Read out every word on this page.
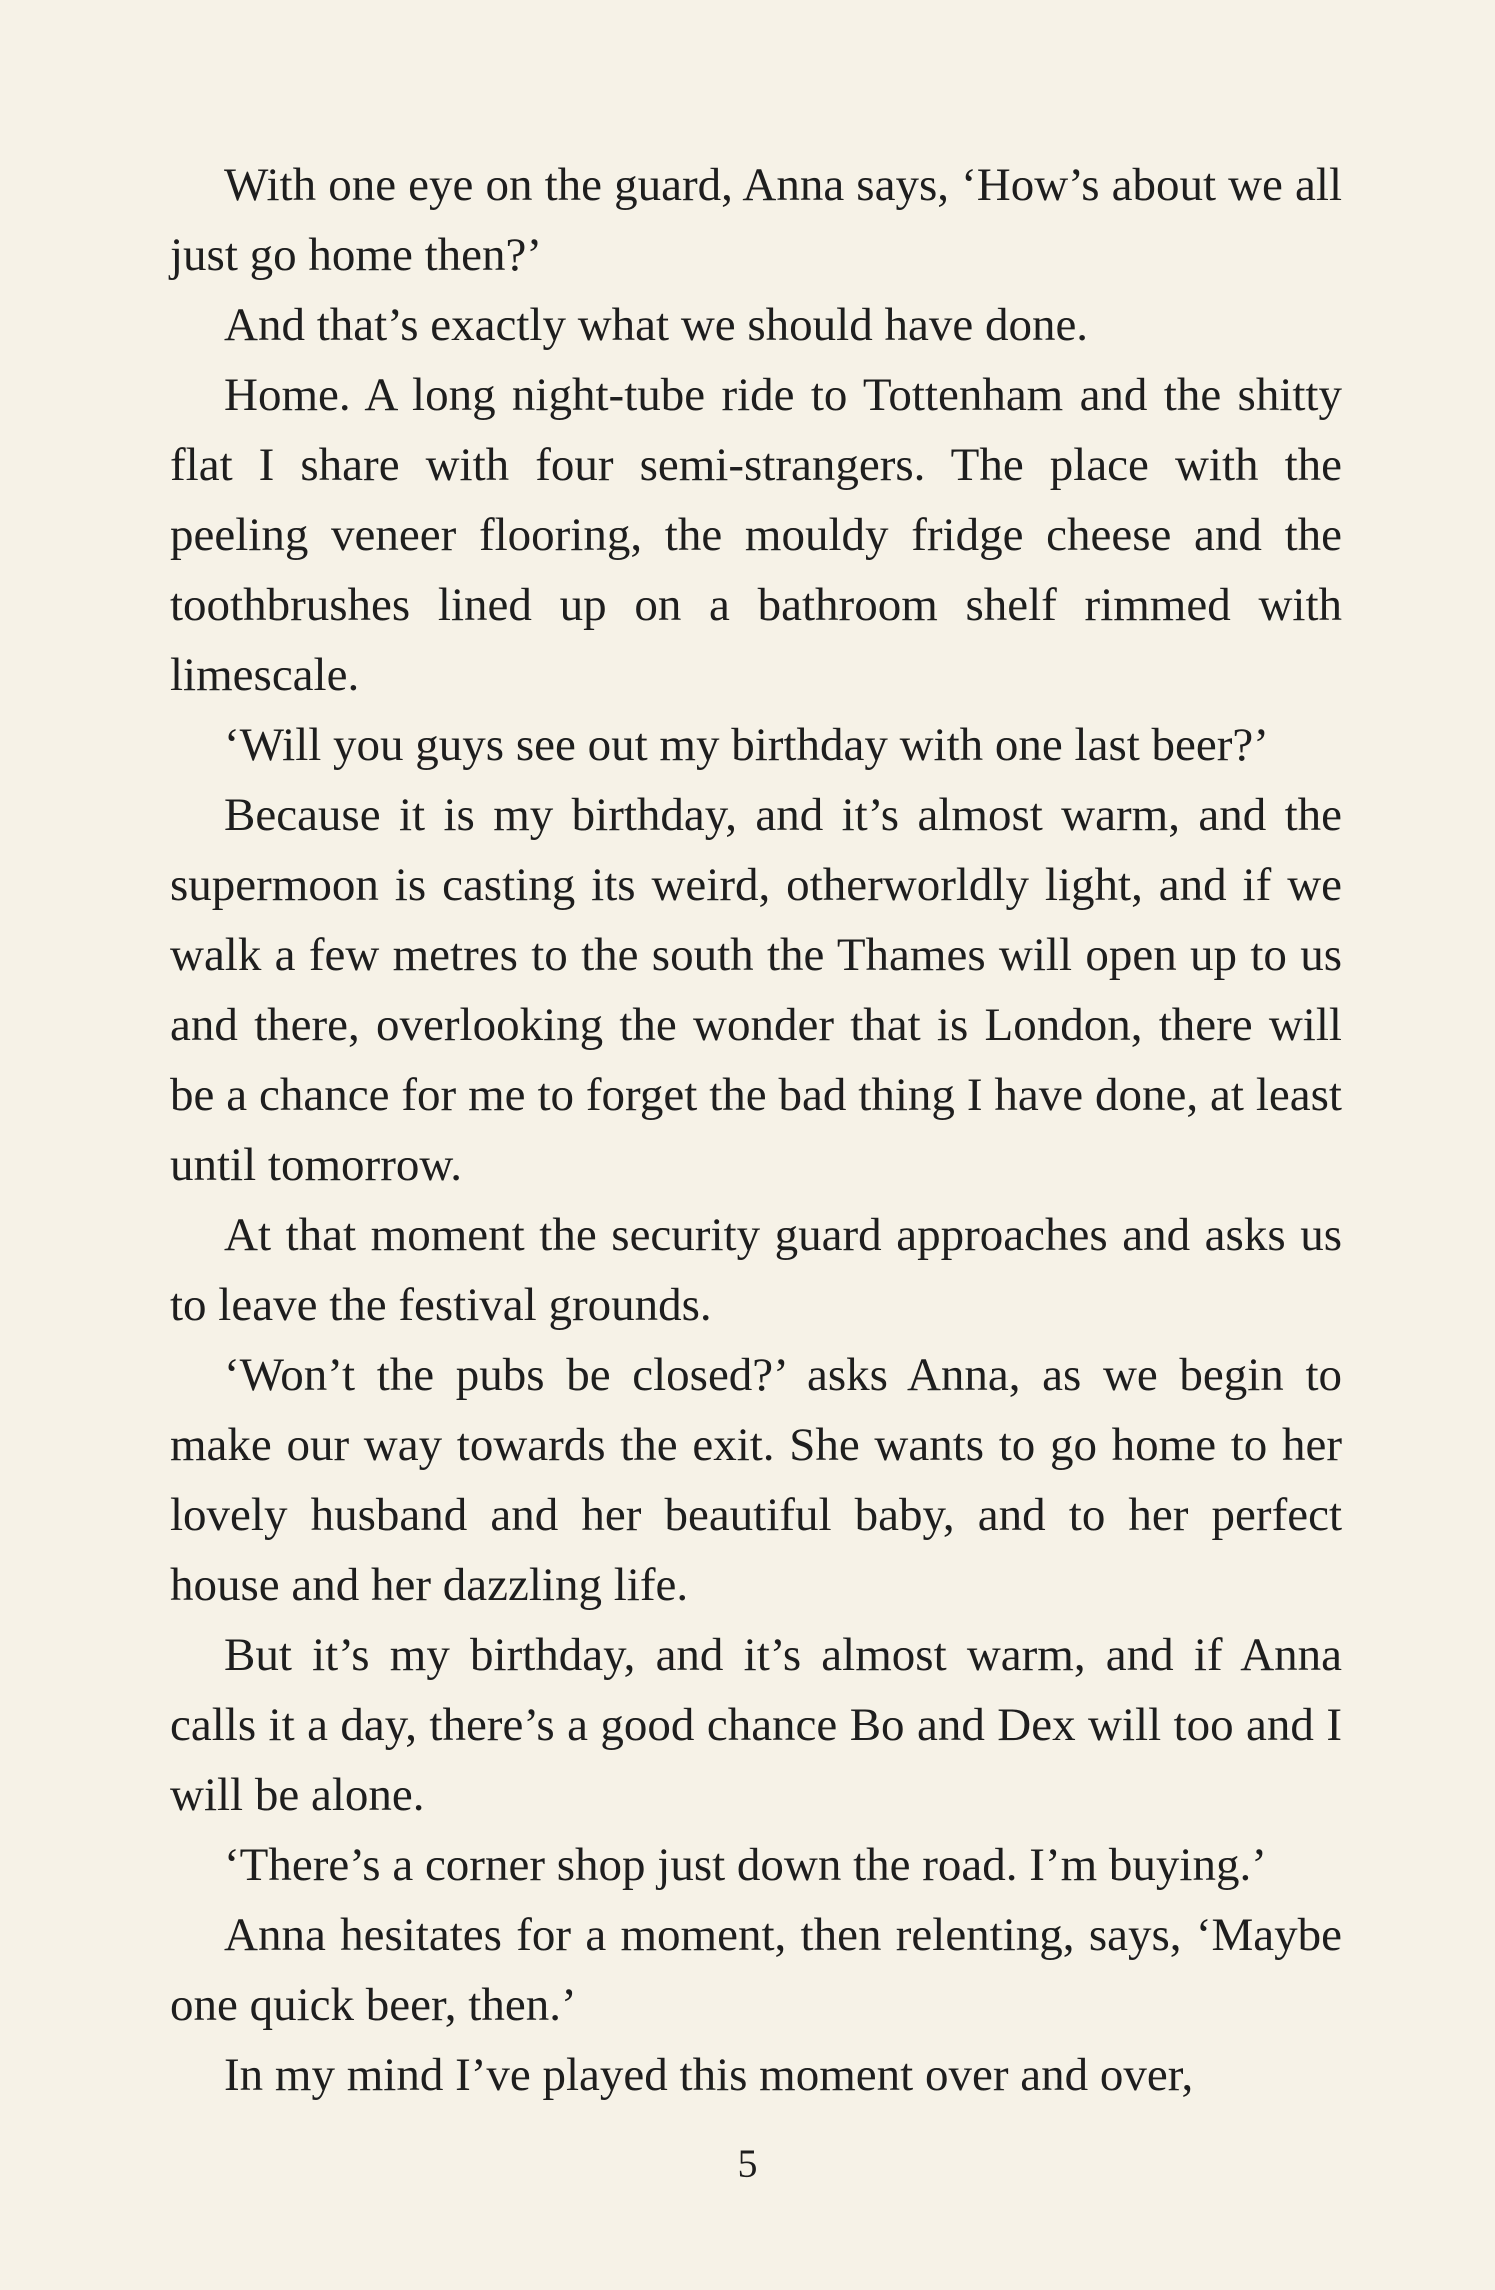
With one eye on the guard, Anna says, ‘How’s about we all just go home then?’

And that’s exactly what we should have done.

Home. A long night-tube ride to Tottenham and the shitty flat I share with four semi-strangers. The place with the peeling veneer flooring, the mouldy fridge cheese and the toothbrushes lined up on a bathroom shelf rimmed with limescale.

‘Will you guys see out my birthday with one last beer?’

Because it is my birthday, and it’s almost warm, and the supermoon is casting its weird, otherworldly light, and if we walk a few metres to the south the Thames will open up to us and there, overlooking the wonder that is London, there will be a chance for me to forget the bad thing I have done, at least until tomorrow.

At that moment the security guard approaches and asks us to leave the festival grounds.

‘Won’t the pubs be closed?’ asks Anna, as we begin to make our way towards the exit. She wants to go home to her lovely husband and her beautiful baby, and to her perfect house and her dazzling life.

But it’s my birthday, and it’s almost warm, and if Anna calls it a day, there’s a good chance Bo and Dex will too and I will be alone.

‘There’s a corner shop just down the road. I’m buying.’

Anna hesitates for a moment, then relenting, says, ‘Maybe one quick beer, then.’

In my mind I’ve played this moment over and over,

5
